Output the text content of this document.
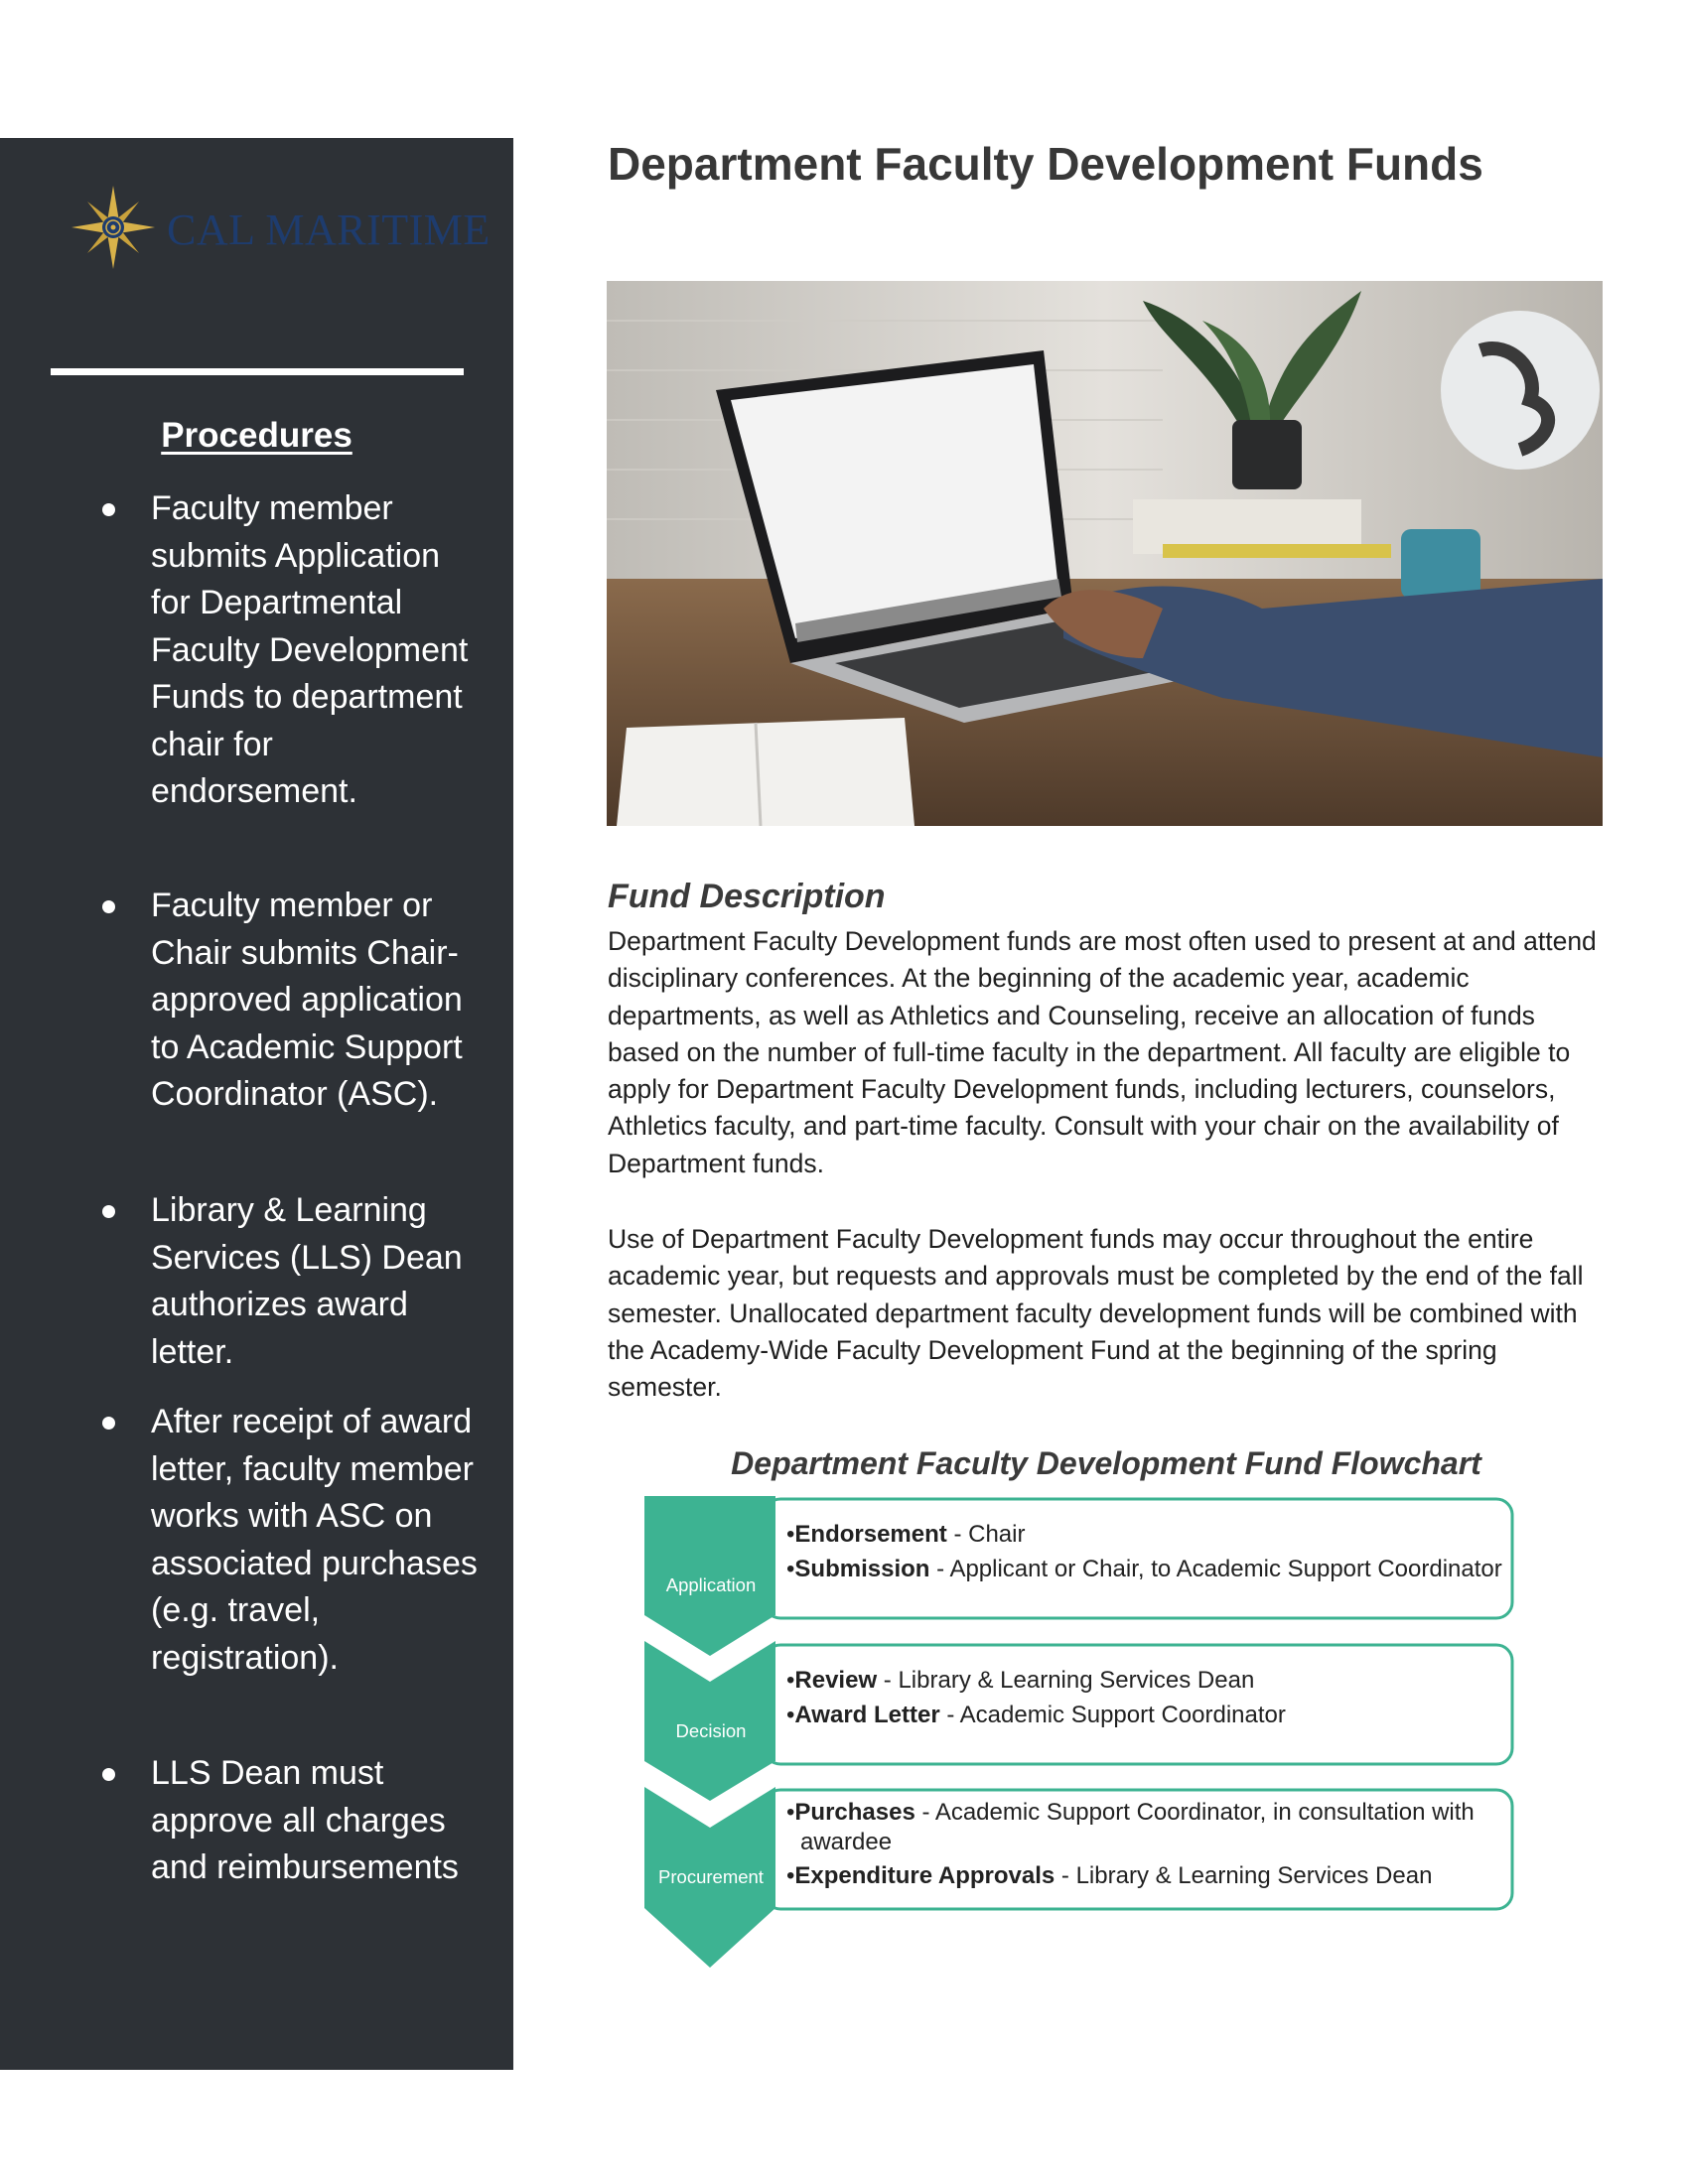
CAL MARITIME
Procedures
Faculty member submits Application for Departmental Faculty Development Funds to department chair for endorsement.
Faculty member or Chair submits Chair-approved application to Academic Support Coordinator (ASC).
Library & Learning Services (LLS) Dean authorizes award letter.
After receipt of award letter, faculty member works with ASC on associated purchases (e.g. travel, registration).
LLS Dean must approve all charges and reimbursements
Department Faculty Development Funds
Fund Description

Department Faculty Development funds are most often used to present at and attend disciplinary conferences. At the beginning of the academic year, academic departments, as well as Athletics and Counseling, receive an allocation of funds based on the number of full-time faculty in the department. All faculty are eligible to apply for Department Faculty Development funds, including lecturers, counselors, Athletics faculty, and part-time faculty. Consult with your chair on the availability of Department funds.

Use of Department Faculty Development funds may occur throughout the entire academic year, but requests and approvals must be completed by the end of the fall semester. Unallocated department faculty development funds will be combined with the Academy-Wide Faculty Development Fund at the beginning of the spring semester.

Department Faculty Development Fund Flowchart
Application
Decision
Procurement
•Endorsement - Chair
•Submission - Applicant or Chair, to Academic Support Coordinator
•Review - Library & Learning Services Dean
•Award Letter - Academic Support Coordinator
•Purchases - Academic Support Coordinator, in consultation with
awardee
•Expenditure Approvals - Library & Learning Services Dean
